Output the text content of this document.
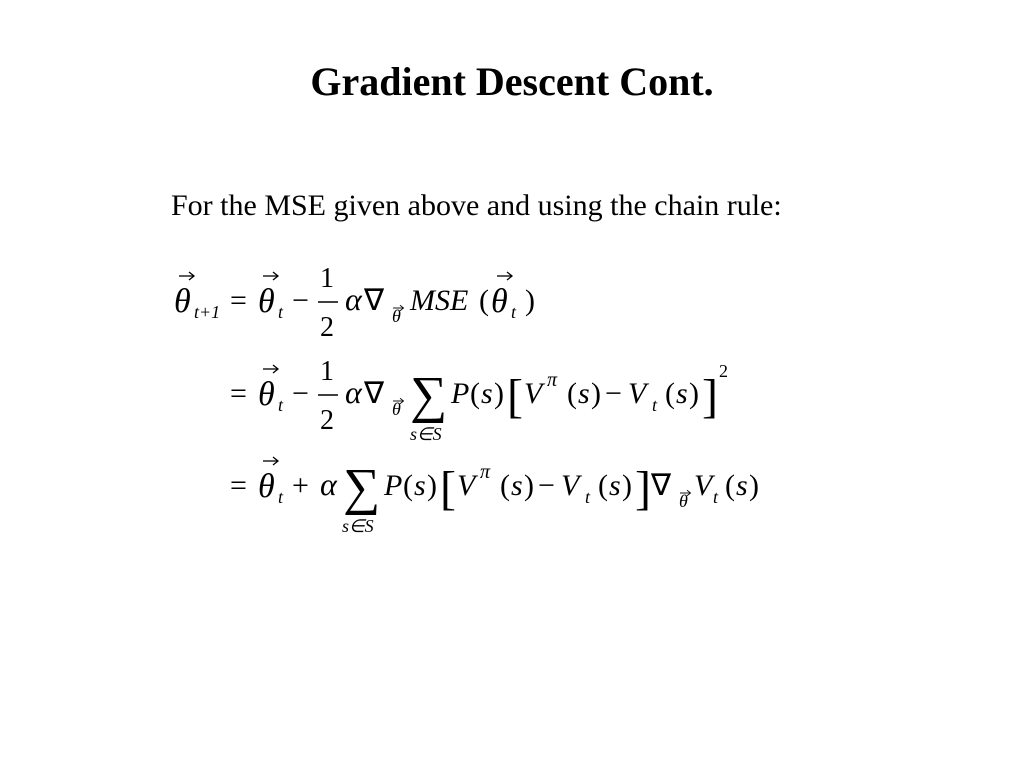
Gradient Descent Cont.
For the MSE given above and using the chain rule:
θ t+1 = θ t −
1
2
α ∇ θ MSE ( θ t )
= θ t −
1
2
α ∇ θ ∑
s∈S
P ( s ) [ V π ( s ) − V t ( s ) ] 2
= θ t + α ∑
s∈S
P ( s ) [ V π ( s ) − V t ( s ) ] ∇ θ V t ( s )
